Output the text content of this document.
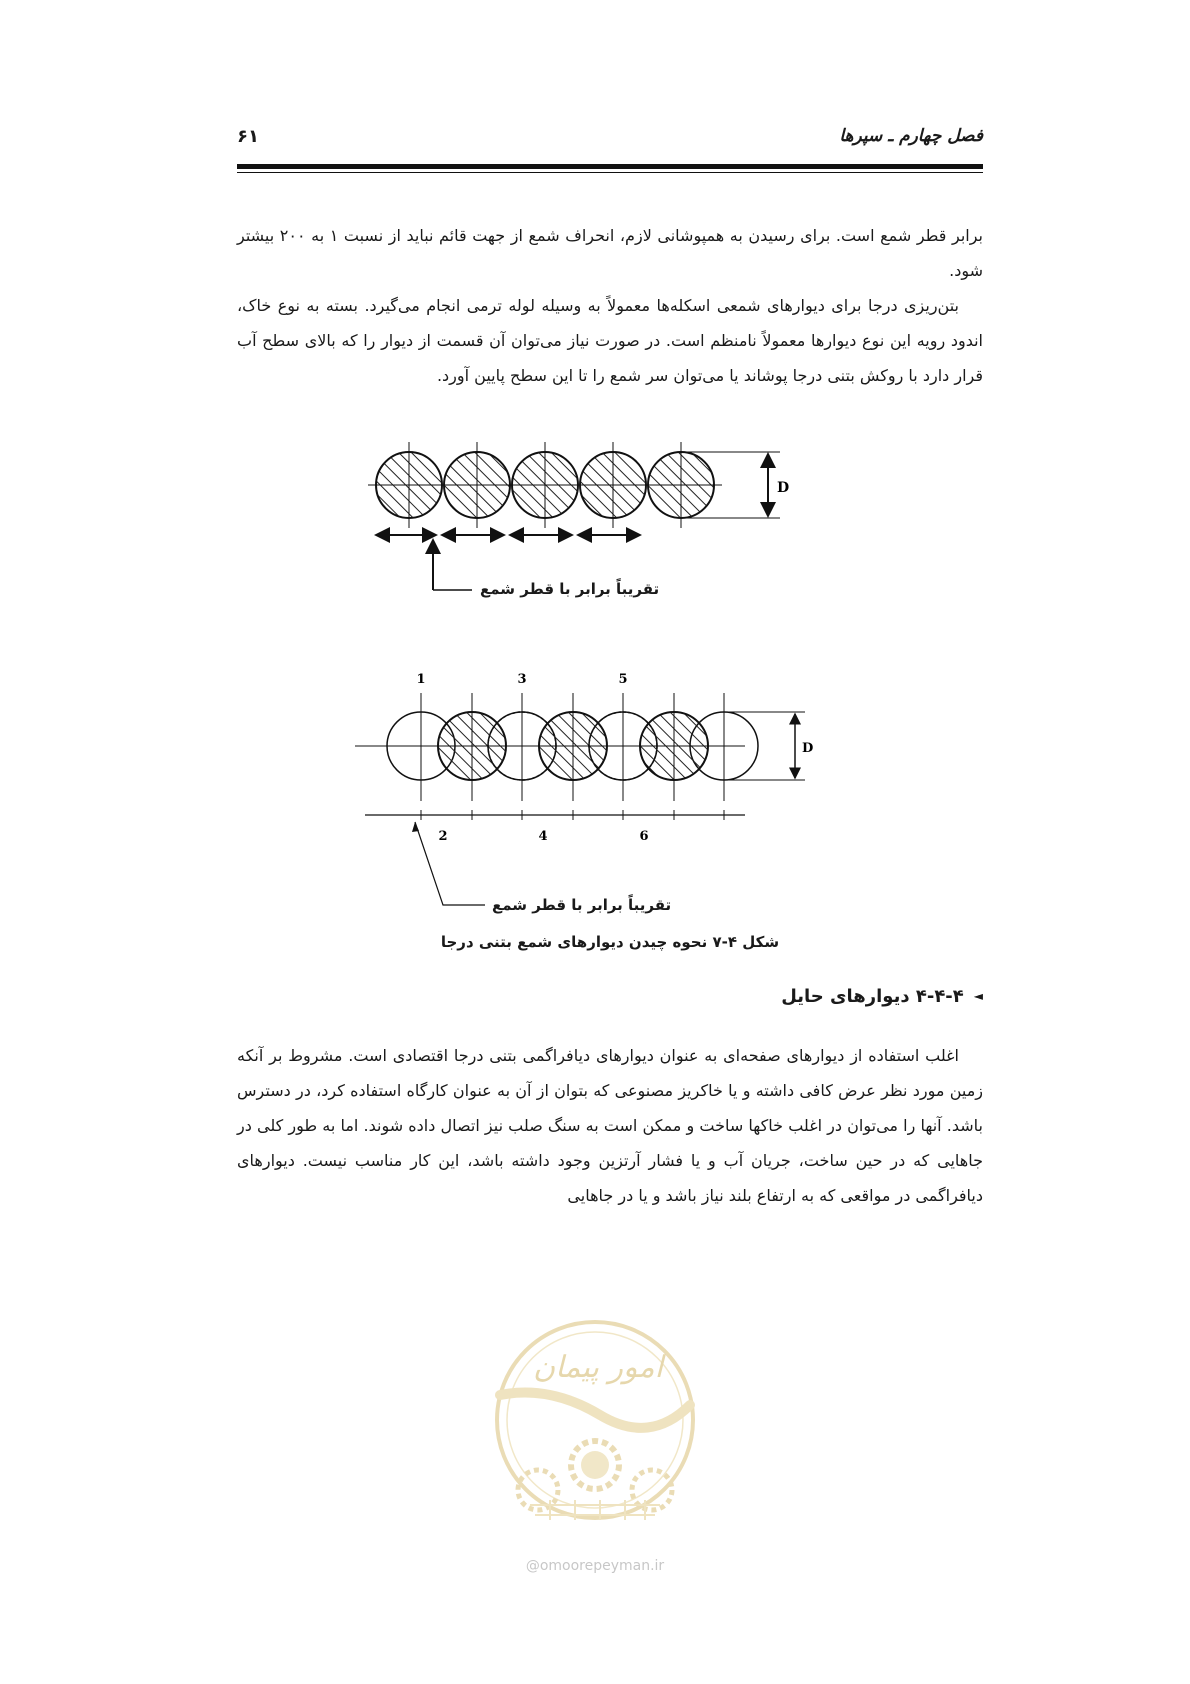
فصل چهارم ـ سپرها
۶۱

برابر قطر شمع است. برای رسیدن به همپوشانی لازم، انحراف شمع از جهت قائم نباید از نسبت ۱ به ۲۰۰ بیشتر شود.

بتن‌ریزی درجا برای دیوارهای شمعی اسکله‌ها معمولاً به وسیله لوله ترمی انجام می‌گیرد. بسته به نوع خاک، اندود رویه این نوع دیوارها معمولاً نامنظم است. در صورت نیاز می‌توان آن قسمت از دیوار را که بالای سطح آب قرار دارد با روکش بتنی درجا پوشاند یا می‌توان سر شمع را تا این سطح پایین آورد.

D
تقریباً برابر با قطر شمع
1	3	5
D
2	4	6
تقریباً برابر با قطر شمع
شکل ۴-۷ نحوه چیدن دیوارهای شمع بتنی درجا
◄۴-۴-۴ دیوارهای حایل

اغلب استفاده از دیوارهای صفحه‌ای به عنوان دیوارهای دیافراگمی بتنی درجا اقتصادی است. مشروط بر آنکه زمین مورد نظر عرض کافی داشته و یا خاکریز مصنوعی که بتوان از آن به عنوان کارگاه استفاده کرد، در دسترس باشد. آنها را می‌توان در اغلب خاکها ساخت و ممکن است به سنگ صلب نیز اتصال داده شوند. اما به طور کلی در جاهایی که در حین ساخت، جریان آب و یا فشار آرتزین وجود داشته باشد، این کار مناسب نیست. دیوارهای دیافراگمی در مواقعی که به ارتفاع بلند نیاز باشد و یا در جاهایی

امور پیمان
@omoorepeyman.ir
